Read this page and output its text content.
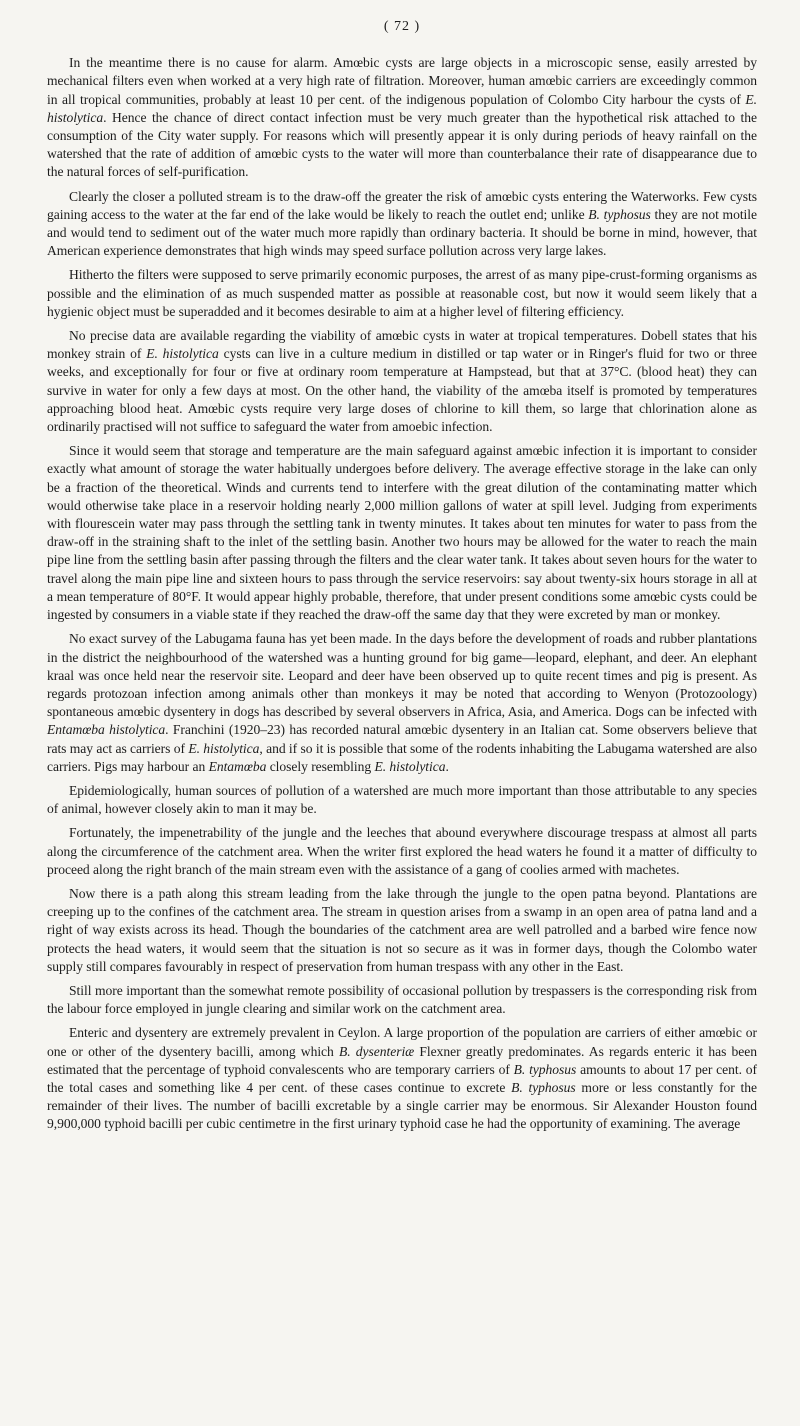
( 72 )

In the meantime there is no cause for alarm. Amœbic cysts are large objects in a microscopic sense, easily arrested by mechanical filters even when worked at a very high rate of filtration. Moreover, human amœbic carriers are exceedingly common in all tropical communities, probably at least 10 per cent. of the indigenous population of Colombo City harbour the cysts of E. histolytica. Hence the chance of direct contact infection must be very much greater than the hypothetical risk attached to the consumption of the City water supply. For reasons which will presently appear it is only during periods of heavy rainfall on the watershed that the rate of addition of amœbic cysts to the water will more than counterbalance their rate of disappearance due to the natural forces of self-purification.

Clearly the closer a polluted stream is to the draw-off the greater the risk of amœbic cysts entering the Waterworks. Few cysts gaining access to the water at the far end of the lake would be likely to reach the outlet end; unlike B. typhosus they are not motile and would tend to sediment out of the water much more rapidly than ordinary bacteria. It should be borne in mind, however, that American experience demonstrates that high winds may speed surface pollution across very large lakes.

Hitherto the filters were supposed to serve primarily economic purposes, the arrest of as many pipe-crust-forming organisms as possible and the elimination of as much suspended matter as possible at reasonable cost, but now it would seem likely that a hygienic object must be superadded and it becomes desirable to aim at a higher level of filtering efficiency.

No precise data are available regarding the viability of amœbic cysts in water at tropical temperatures. Dobell states that his monkey strain of E. histolytica cysts can live in a culture medium in distilled or tap water or in Ringer's fluid for two or three weeks, and exceptionally for four or five at ordinary room temperature at Hampstead, but that at 37°C. (blood heat) they can survive in water for only a few days at most. On the other hand, the viability of the amœba itself is promoted by temperatures approaching blood heat. Amœbic cysts require very large doses of chlorine to kill them, so large that chlorination alone as ordinarily practised will not suffice to safeguard the water from amoebic infection.

Since it would seem that storage and temperature are the main safeguard against amœbic infection it is important to consider exactly what amount of storage the water habitually undergoes before delivery. The average effective storage in the lake can only be a fraction of the theoretical. Winds and currents tend to interfere with the great dilution of the contaminating matter which would otherwise take place in a reservoir holding nearly 2,000 million gallons of water at spill level. Judging from experiments with flourescein water may pass through the settling tank in twenty minutes. It takes about ten minutes for water to pass from the draw-off in the straining shaft to the inlet of the settling basin. Another two hours may be allowed for the water to reach the main pipe line from the settling basin after passing through the filters and the clear water tank. It takes about seven hours for the water to travel along the main pipe line and sixteen hours to pass through the service reservoirs: say about twenty-six hours storage in all at a mean temperature of 80°F. It would appear highly probable, therefore, that under present conditions some amœbic cysts could be ingested by consumers in a viable state if they reached the draw-off the same day that they were excreted by man or monkey.

No exact survey of the Labugama fauna has yet been made. In the days before the development of roads and rubber plantations in the district the neighbourhood of the watershed was a hunting ground for big game—leopard, elephant, and deer. An elephant kraal was once held near the reservoir site. Leopard and deer have been observed up to quite recent times and pig is present. As regards protozoan infection among animals other than monkeys it may be noted that according to Wenyon (Protozoology) spontaneous amœbic dysentery in dogs has described by several observers in Africa, Asia, and America. Dogs can be infected with Entamœba histolytica. Franchini (1920–23) has recorded natural amœbic dysentery in an Italian cat. Some observers believe that rats may act as carriers of E. histolytica, and if so it is possible that some of the rodents inhabiting the Labugama watershed are also carriers. Pigs may harbour an Entamœba closely resembling E. histolytica.

Epidemiologically, human sources of pollution of a watershed are much more important than those attributable to any species of animal, however closely akin to man it may be.

Fortunately, the impenetrability of the jungle and the leeches that abound everywhere discourage trespass at almost all parts along the circumference of the catchment area. When the writer first explored the head waters he found it a matter of difficulty to proceed along the right branch of the main stream even with the assistance of a gang of coolies armed with machetes.

Now there is a path along this stream leading from the lake through the jungle to the open patna beyond. Plantations are creeping up to the confines of the catchment area. The stream in question arises from a swamp in an open area of patna land and a right of way exists across its head. Though the boundaries of the catchment area are well patrolled and a barbed wire fence now protects the head waters, it would seem that the situation is not so secure as it was in former days, though the Colombo water supply still compares favourably in respect of preservation from human trespass with any other in the East.

Still more important than the somewhat remote possibility of occasional pollution by trespassers is the corresponding risk from the labour force employed in jungle clearing and similar work on the catchment area.

Enteric and dysentery are extremely prevalent in Ceylon. A large proportion of the population are carriers of either amœbic or one or other of the dysentery bacilli, among which B. dysenteriæ Flexner greatly predominates. As regards enteric it has been estimated that the percentage of typhoid convalescents who are temporary carriers of B. typhosus amounts to about 17 per cent. of the total cases and something like 4 per cent. of these cases continue to excrete B. typhosus more or less constantly for the remainder of their lives. The number of bacilli excretable by a single carrier may be enormous. Sir Alexander Houston found 9,900,000 typhoid bacilli per cubic centimetre in the first urinary typhoid case he had the opportunity of examining. The average
